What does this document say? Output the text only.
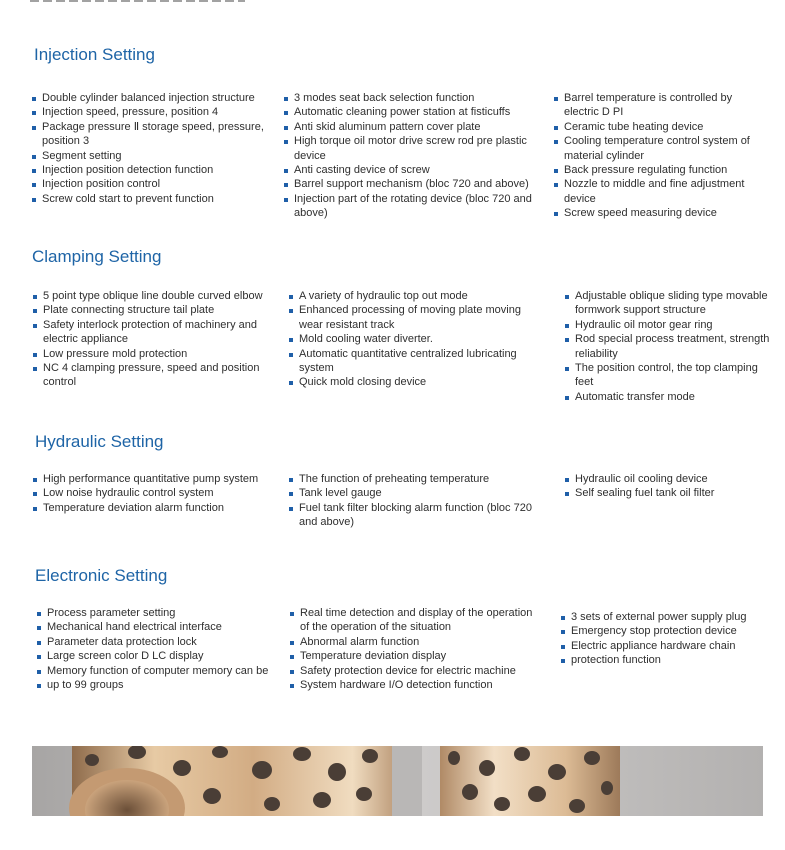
Injection Setting
Double cylinder balanced injection structure
Injection speed, pressure, position 4
Package pressure Ⅱ storage speed, pressure, position 3
Segment setting
Injection position detection function
Injection position control
Screw cold start to prevent function
3 modes seat back selection function
Automatic cleaning power station at fisticuffs
Anti skid aluminum pattern cover plate
High torque oil motor drive screw rod pre plastic device
Anti casting device of screw
Barrel support mechanism (bloc 720 and above)
Injection part of the rotating device (bloc 720 and above)
Barrel temperature is controlled by electric D PI
Ceramic tube heating device
Cooling temperature control system of material cylinder
Back pressure regulating function
Nozzle to middle and fine adjustment device
Screw speed measuring device
Clamping Setting
5 point type oblique line double curved elbow
Plate connecting structure tail plate
Safety interlock protection of machinery and electric appliance
Low pressure mold protection
NC 4 clamping pressure, speed and position control
A variety of hydraulic top out mode
Enhanced processing of moving plate moving wear resistant track
Mold cooling water diverter.
Automatic quantitative centralized lubricating system
Quick mold closing device
Adjustable oblique sliding type movable formwork support structure
Hydraulic oil motor gear ring
Rod special process treatment, strength reliability
The position control, the top clamping feet
Automatic transfer mode
Hydraulic Setting
High performance quantitative pump system
Low noise hydraulic control system
Temperature deviation alarm function
The function of preheating temperature
Tank level gauge
Fuel tank filter blocking alarm function (bloc 720 and above)
Hydraulic oil cooling device
Self sealing fuel tank oil filter
Electronic Setting
Process parameter setting
Mechanical hand electrical interface
Parameter data protection lock
Large screen color D LC display
Memory function of computer memory can be
up to 99 groups
Real time detection and display of the operation of the operation of the situation
Abnormal alarm function
Temperature deviation display
Safety protection device for electric machine
System hardware I/O detection function
3 sets of external power supply plug
Emergency stop protection device
Electric appliance hardware chain
protection function
